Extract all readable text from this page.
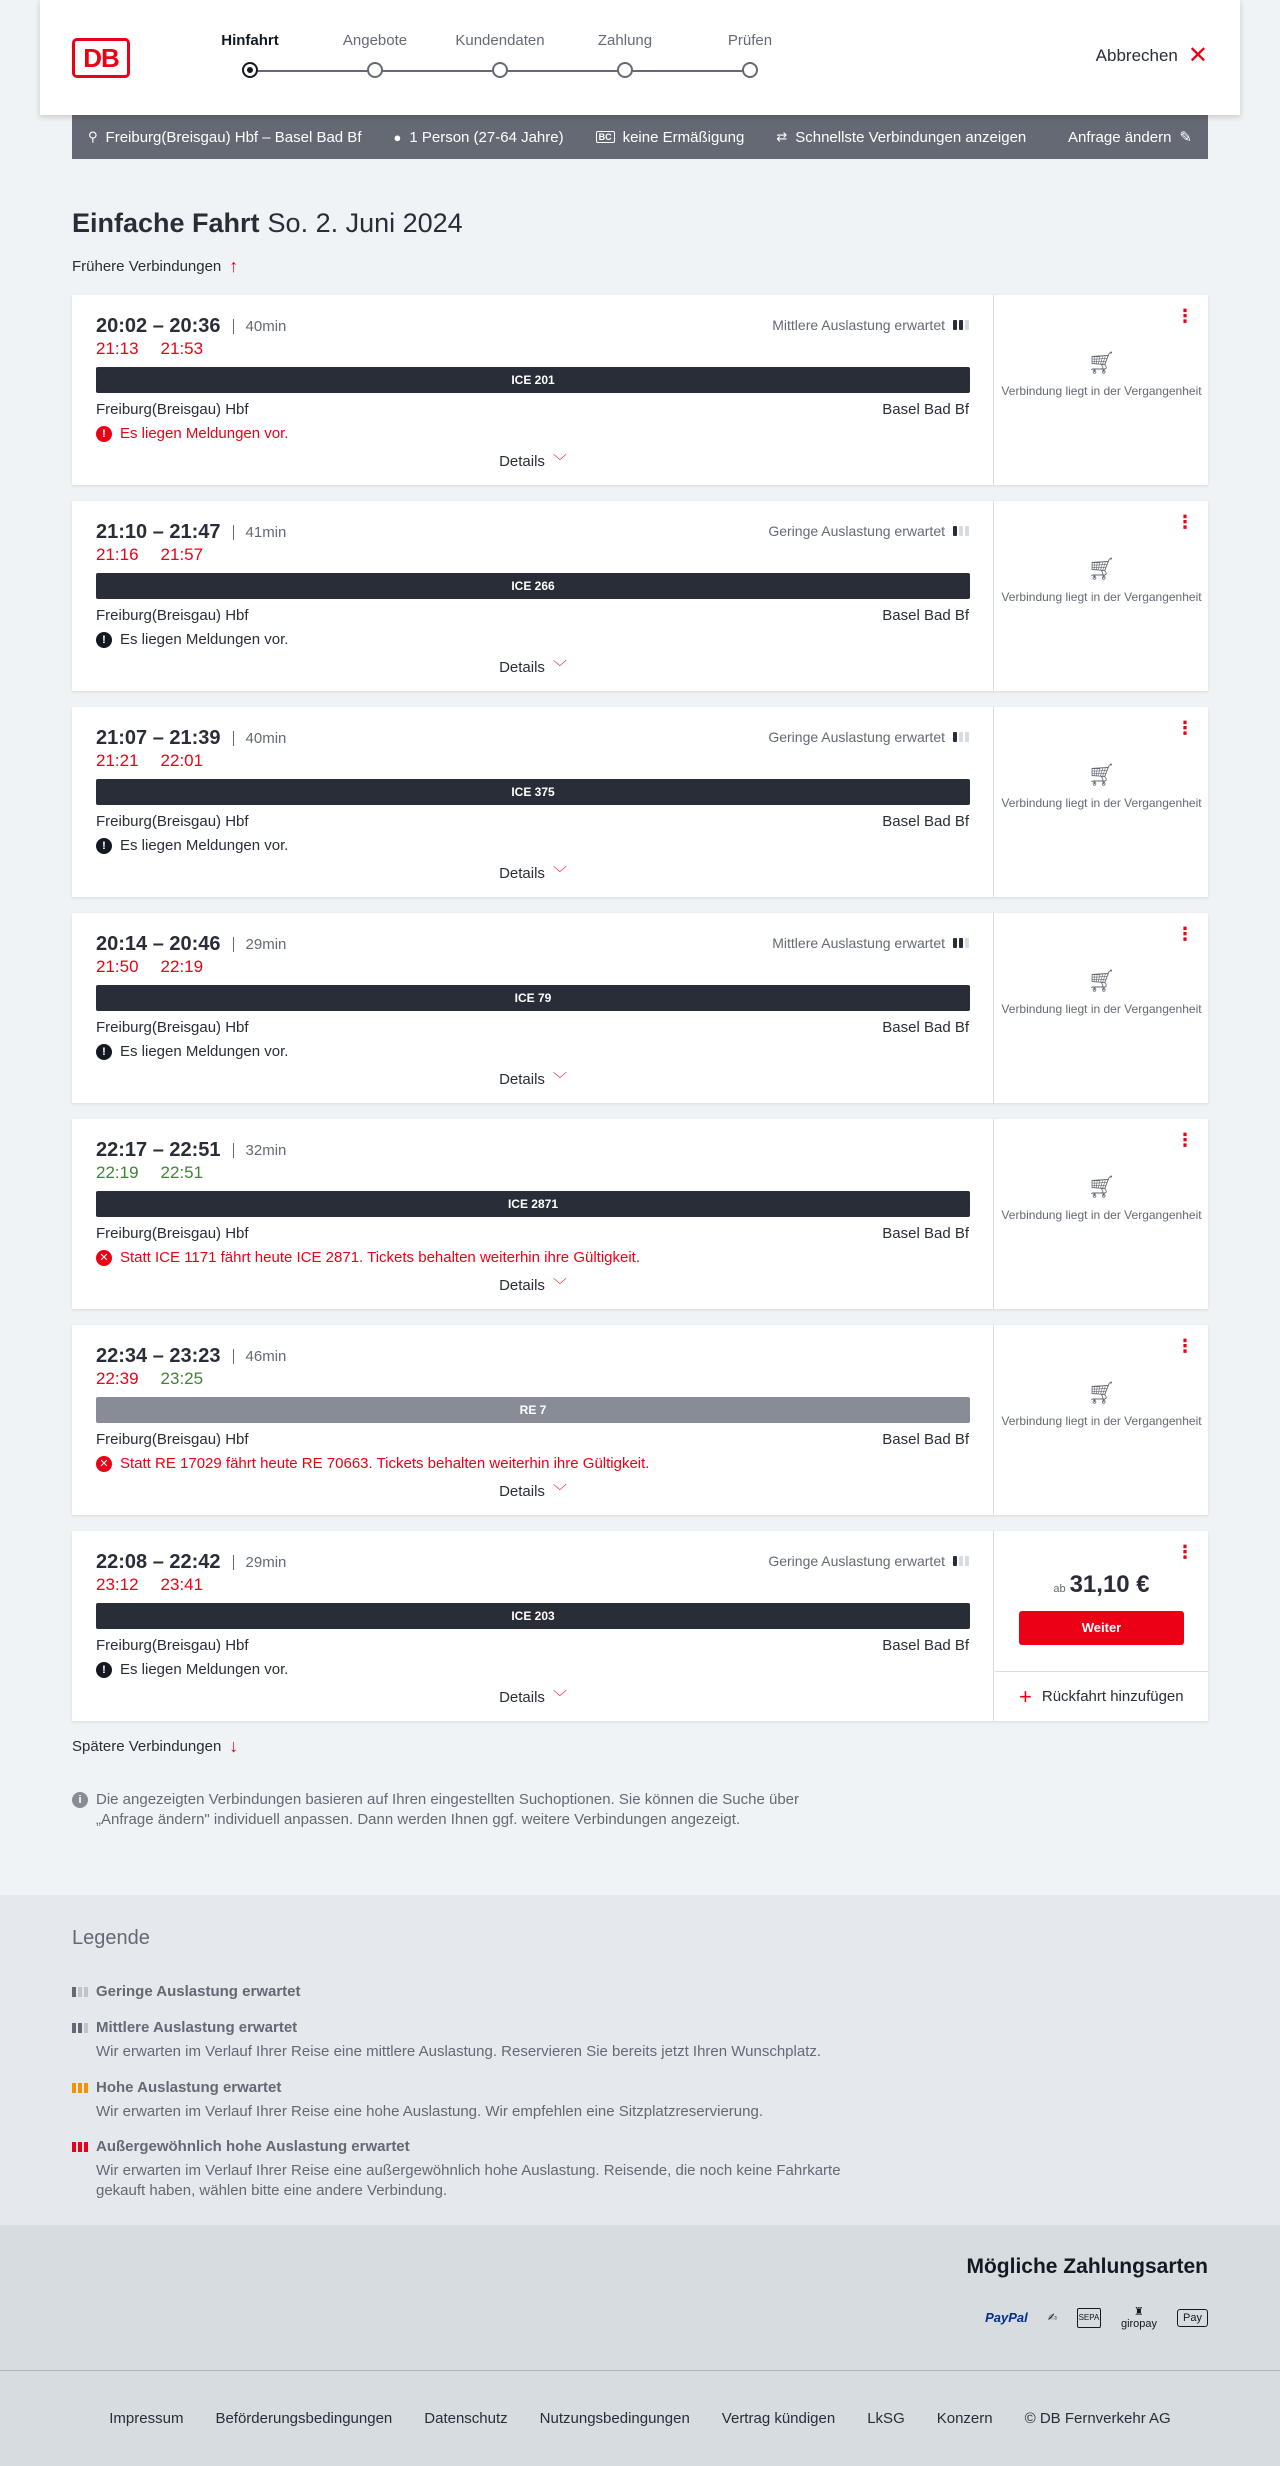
DB
Hinfahrt	Angebote	Kundendaten	Zahlung	Prüfen
Abbrechen ✕
⚲ Freiburg(Breisgau) Hbf – Basel Bad Bf ● 1 Person (27-64 Jahre)	BC keine Ermäßigung ⇄ Schnellste Verbindungen anzeigen	Anfrage ändern ✎
Einfache Fahrt So. 2. Juni 2024
Frühere Verbindungen ↑
20:02 – 20:36	40min
21:13 21:53
Mittlere Auslastung erwartet
ICE 201
Freiburg(Breisgau) Hbf	Basel Bad Bf
! Es liegen Meldungen vor.
Details ﹀
⋮
🛒︎
Verbindung liegt in der Vergangenheit
21:10 – 21:47	41min
21:16 21:57
Geringe Auslastung erwartet
ICE 266
Freiburg(Breisgau) Hbf	Basel Bad Bf
! Es liegen Meldungen vor.
Details ﹀
⋮
🛒︎
Verbindung liegt in der Vergangenheit
21:07 – 21:39	40min
21:21 22:01
Geringe Auslastung erwartet
ICE 375
Freiburg(Breisgau) Hbf	Basel Bad Bf
! Es liegen Meldungen vor.
Details ﹀
⋮
🛒︎
Verbindung liegt in der Vergangenheit
20:14 – 20:46	29min
21:50 22:19
Mittlere Auslastung erwartet
ICE 79
Freiburg(Breisgau) Hbf	Basel Bad Bf
! Es liegen Meldungen vor.
Details ﹀
⋮
🛒︎
Verbindung liegt in der Vergangenheit
22:17 – 22:51	32min
22:19 22:51
ICE 2871
Freiburg(Breisgau) Hbf	Basel Bad Bf
✕ Statt ICE 1171 fährt heute ICE 2871. Tickets behalten weiterhin ihre Gültigkeit.
Details ﹀
⋮
🛒︎
Verbindung liegt in der Vergangenheit
22:34 – 23:23	46min
22:39 23:25
RE 7
Freiburg(Breisgau) Hbf	Basel Bad Bf
✕ Statt RE 17029 fährt heute RE 70663. Tickets behalten weiterhin ihre Gültigkeit.
Details ﹀
⋮
🛒︎
Verbindung liegt in der Vergangenheit
22:08 – 22:42	29min
23:12 23:41
Geringe Auslastung erwartet
ICE 203
Freiburg(Breisgau) Hbf	Basel Bad Bf
! Es liegen Meldungen vor.
Details ﹀
⋮
ab 31,10 €
Weiter
+ Rückfahrt hinzufügen
Spätere Verbindungen ↓
i Die angezeigten Verbindungen basieren auf Ihren eingestellten Suchoptionen. Sie können die Suche über „Anfrage ändern" individuell anpassen. Dann werden Ihnen ggf. weitere Verbindungen angezeigt.
Legende
Geringe Auslastung erwartet
Mittlere Auslastung erwartet
Wir erwarten im Verlauf Ihrer Reise eine mittlere Auslastung. Reservieren Sie bereits jetzt Ihren Wunschplatz.
Hohe Auslastung erwartet
Wir erwarten im Verlauf Ihrer Reise eine hohe Auslastung. Wir empfehlen eine Sitzplatzreservierung.
Außergewöhnlich hohe Auslastung erwartet
Wir erwarten im Verlauf Ihrer Reise eine außergewöhnlich hohe Auslastung. Reisende, die noch keine Fahrkarte gekauft haben, wählen bitte eine andere Verbindung.
Mögliche Zahlungsarten
PayPal ✍	SEPA	♜
giropay
Pay
Impressum Beförderungsbedingungen Datenschutz Nutzungsbedingungen Vertrag kündigen LkSG Konzern © DB Fernverkehr AG
